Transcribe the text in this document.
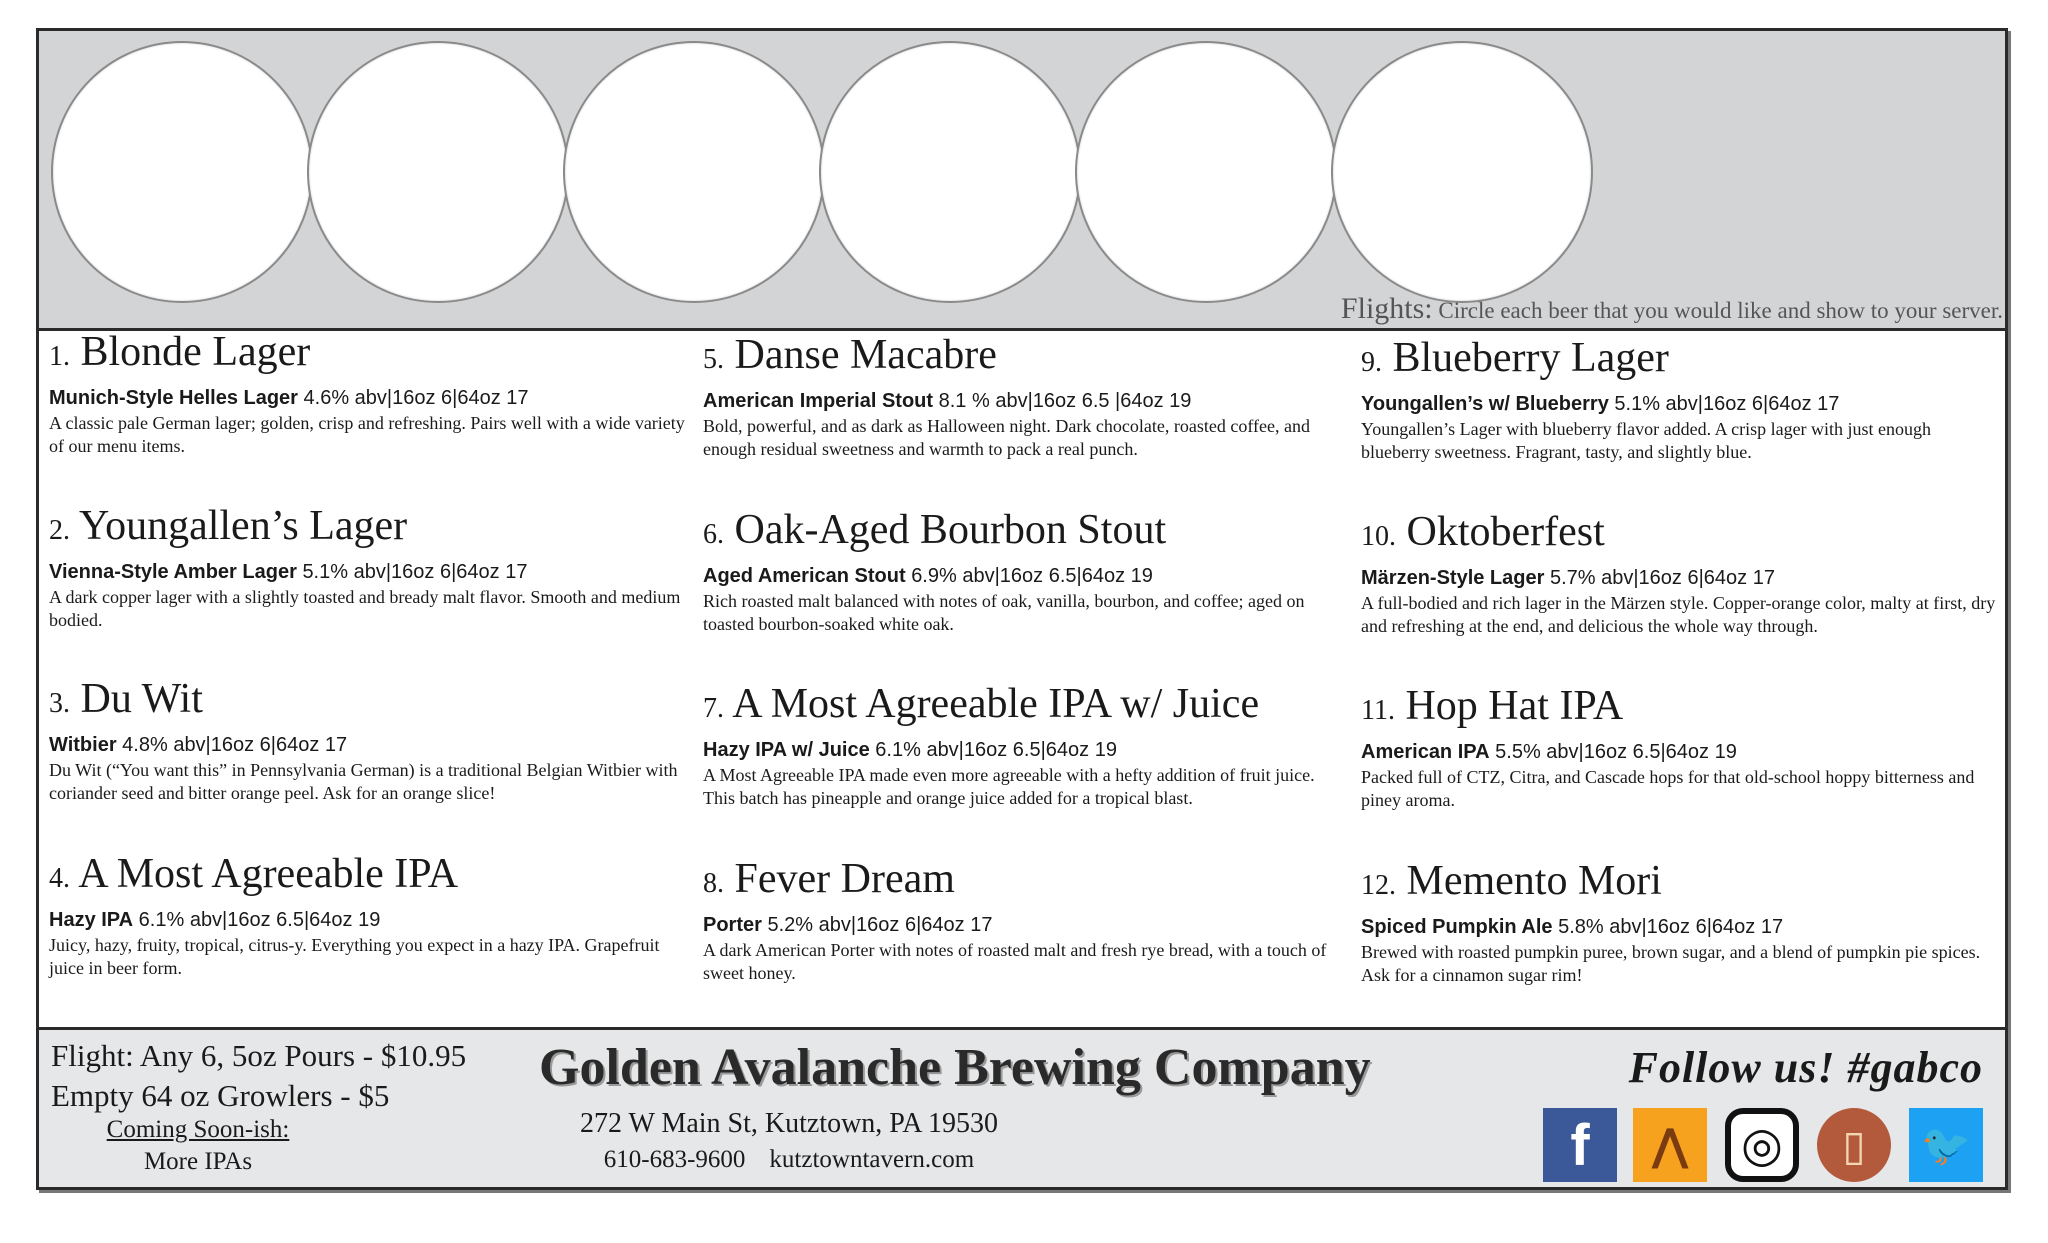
Flights: Circle each beer that you would like and show to your server.
1. Blonde Lager
Munich-Style Helles Lager 4.6% abv|16oz 6|64oz 17
A classic pale German lager; golden, crisp and refreshing. Pairs well with a wide variety of our menu items.
2. Youngallen’s Lager
Vienna-Style Amber Lager 5.1% abv|16oz 6|64oz 17
A dark copper lager with a slightly toasted and bready malt flavor. Smooth and medium bodied.
3. Du Wit
Witbier 4.8% abv|16oz 6|64oz 17
Du Wit (“You want this” in Pennsylvania German) is a traditional Belgian Witbier with coriander seed and bitter orange peel. Ask for an orange slice!
4. A Most Agreeable IPA
Hazy IPA 6.1% abv|16oz 6.5|64oz 19
Juicy, hazy, fruity, tropical, citrus-y. Everything you expect in a hazy IPA. Grapefruit juice in beer form.
5. Danse Macabre
American Imperial Stout 8.1 % abv|16oz 6.5 |64oz 19
Bold, powerful, and as dark as Halloween night. Dark chocolate, roasted coffee, and enough residual sweetness and warmth to pack a real punch.
6. Oak-Aged Bourbon Stout
Aged American Stout 6.9% abv|16oz 6.5|64oz 19
Rich roasted malt balanced with notes of oak, vanilla, bourbon, and coffee; aged on toasted bourbon-soaked white oak.
7. A Most Agreeable IPA w/ Juice
Hazy IPA w/ Juice 6.1% abv|16oz 6.5|64oz 19
A Most Agreeable IPA made even more agreeable with a hefty addition of fruit juice. This batch has pineapple and orange juice added for a tropical blast.
8. Fever Dream
Porter 5.2% abv|16oz 6|64oz 17
A dark American Porter with notes of roasted malt and fresh rye bread, with a touch of sweet honey.
9. Blueberry Lager
Youngallen’s w/ Blueberry 5.1% abv|16oz 6|64oz 17
Youngallen’s Lager with blueberry flavor added. A crisp lager with just enough blueberry sweetness. Fragrant, tasty, and slightly blue.
10. Oktoberfest
Märzen-Style Lager 5.7% abv|16oz 6|64oz 17
A full-bodied and rich lager in the Märzen style. Copper-orange color, malty at first, dry and refreshing at the end, and delicious the whole way through.
11. Hop Hat IPA
American IPA 5.5% abv|16oz 6.5|64oz 19
Packed full of CTZ, Citra, and Cascade hops for that old-school hoppy bitterness and piney aroma.
12. Memento Mori
Spiced Pumpkin Ale 5.8% abv|16oz 6|64oz 17
Brewed with roasted pumpkin puree, brown sugar, and a blend of pumpkin pie spices. Ask for a cinnamon sugar rim!
Flight: Any 6, 5oz Pours - $10.95
Empty 64 oz Growlers - $5
Coming Soon-ish:
More IPAs
Golden Avalanche Brewing Company
272 W Main St, Kutztown, PA 19530
610-683-9600 kutztowntavern.com
Follow us! #gabco
f ⋀ ◎ ▯ 🐦
